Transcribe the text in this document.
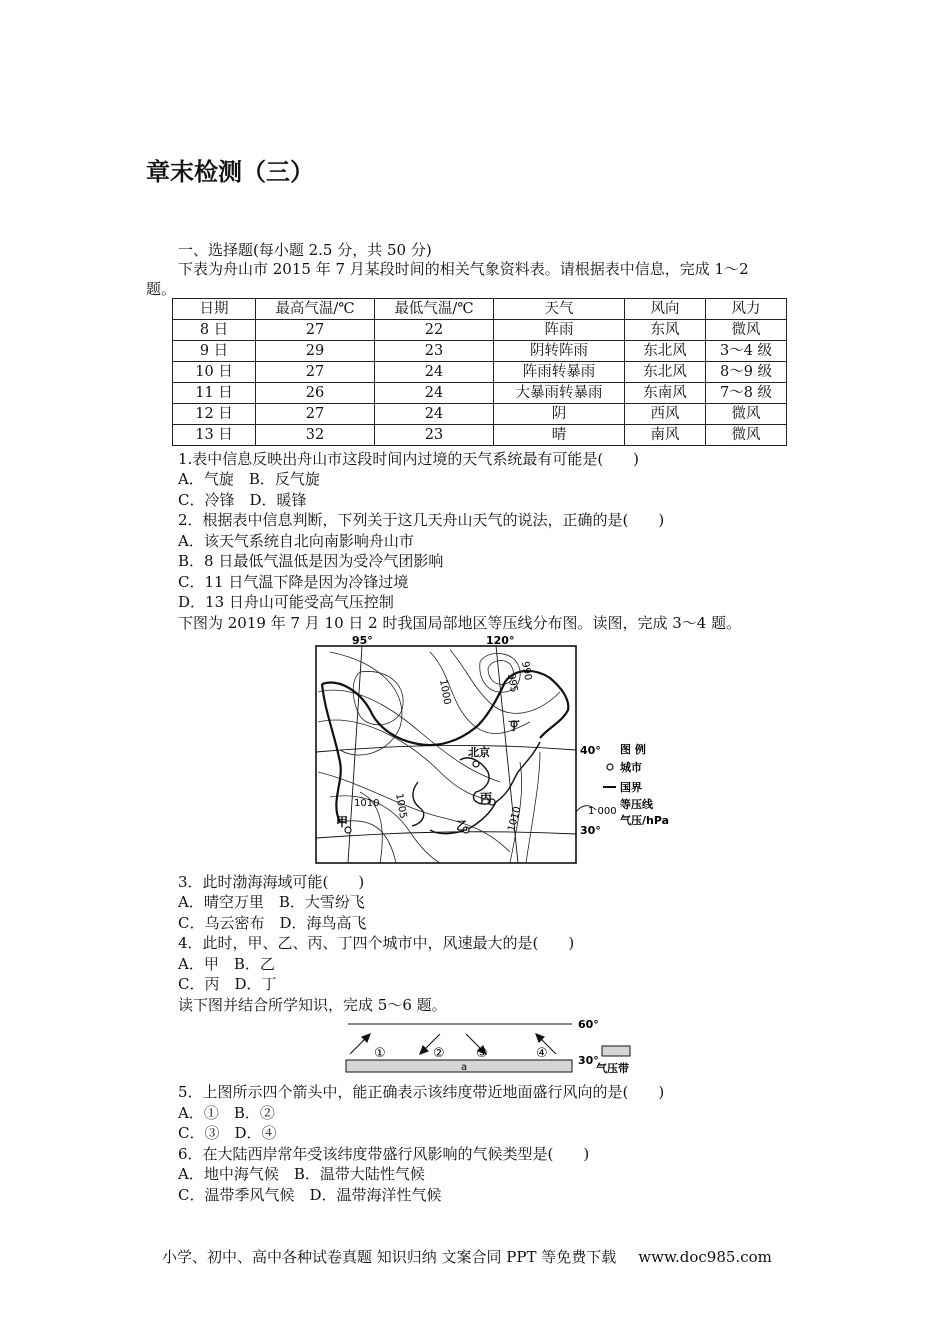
章末检测（三）
一、选择题(每小题 2.5 分，共 50 分)
下表为舟山市 2015 年 7 月某段时间的相关气象资料表。请根据表中信息，完成 1～2
题。
日期	最高气温/℃	最低气温/℃	天气	风向	风力
8 日	27	22	阵雨	东风	微风
9 日	29	23	阴转阵雨	东北风	3～4 级
10 日	27	24	阵雨转暴雨	东北风	8～9 级
11 日	26	24	大暴雨转暴雨	东南风	7～8 级
12 日	27	24	阴	西风	微风
13 日	32	23	晴	南风	微风
1.表中信息反映出舟山市这段时间内过境的天气系统最有可能是(　　)
A．气旋　B．反气旋
C．冷锋　D．暖锋
2．根据表中信息判断，下列关于这几天舟山天气的说法，正确的是(　　)
A．该天气系统自北向南影响舟山市
B．8 日最低气温低是因为受冷气团影响
C．11 日气温下降是因为冷锋过境
D．13 日舟山可能受高气压控制
下图为 2019 年 7 月 10 日 2 时我国局部地区等压线分布图。读图，完成 3～4 题。
95°	120°
40°
30°
北京
甲	乙
丙
丁
1000	995
990
1005
1010
1010
图 例
城市
国界
1 000
等压线
气压/hPa
3．此时渤海海域可能(　　)
A．晴空万里　B．大雪纷飞
C．乌云密布　D．海鸟高飞
4．此时，甲、乙、丙、丁四个城市中，风速最大的是(　　)
A．甲　B．乙
C．丙　D．丁
读下图并结合所学知识，完成 5～6 题。
60°
a
30°
气压带
①	② ③	④
5．上图所示四个箭头中，能正确表示该纬度带近地面盛行风向的是(　　)
A．①　B．②
C．③　D．④
6．在大陆西岸常年受该纬度带盛行风影响的气候类型是(　　)
A．地中海气候　B．温带大陆性气候
C．温带季风气候　D．温带海洋性气候
小学、初中、高中各种试卷真题 知识归纳 文案合同 PPT 等免费下载 www.doc985.com
